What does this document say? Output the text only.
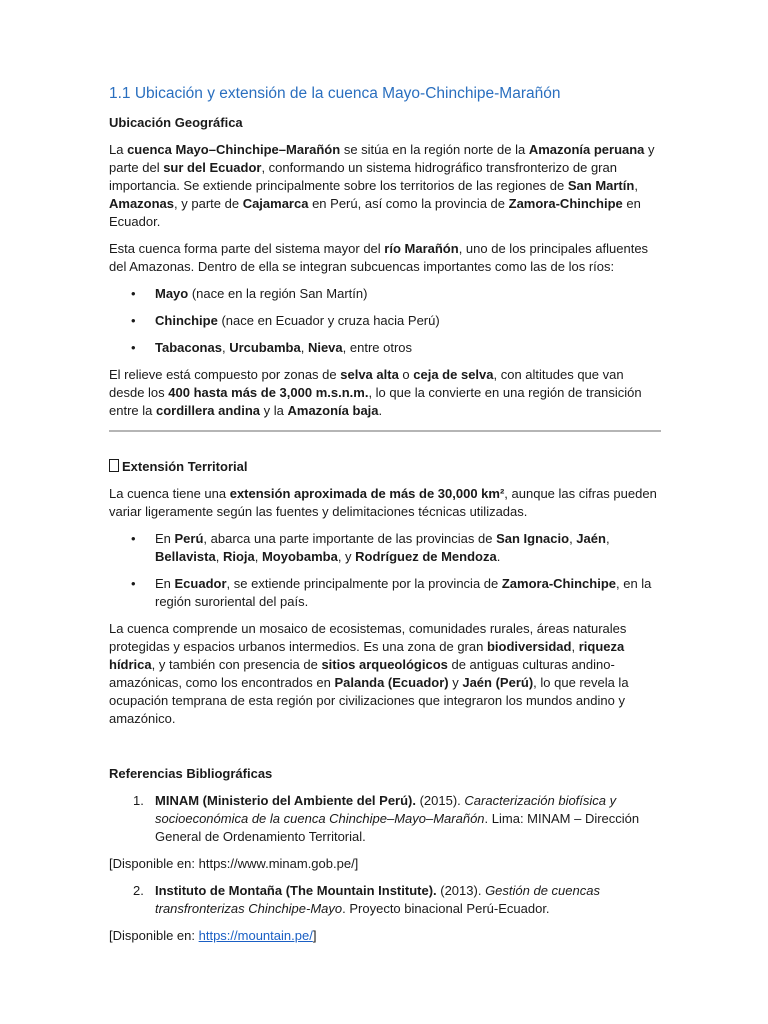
1.1 Ubicación y extensión de la cuenca Mayo-Chinchipe-Marañón
Ubicación Geográfica

La cuenca Mayo–Chinchipe–Marañón se sitúa en la región norte de la Amazonía peruana y parte del sur del Ecuador, conformando un sistema hidrográfico transfronterizo de gran importancia. Se extiende principalmente sobre los territorios de las regiones de San Martín, Amazonas, y parte de Cajamarca en Perú, así como la provincia de Zamora-Chinchipe en Ecuador.

Esta cuenca forma parte del sistema mayor del río Marañón, uno de los principales afluentes del Amazonas. Dentro de ella se integran subcuencas importantes como las de los ríos:

• Mayo (nace en la región San Martín)
• Chinchipe (nace en Ecuador y cruza hacia Perú)
• Tabaconas, Urcubamba, Nieva, entre otros

El relieve está compuesto por zonas de selva alta o ceja de selva, con altitudes que van desde los 400 hasta más de 3,000 m.s.n.m., lo que la convierte en una región de transición entre la cordillera andina y la Amazonía baja.

Extensión Territorial

La cuenca tiene una extensión aproximada de más de 30,000 km², aunque las cifras pueden variar ligeramente según las fuentes y delimitaciones técnicas utilizadas.

• En Perú, abarca una parte importante de las provincias de San Ignacio, Jaén, Bellavista, Rioja, Moyobamba, y Rodríguez de Mendoza.
• En Ecuador, se extiende principalmente por la provincia de Zamora-Chinchipe, en la región suroriental del país.

La cuenca comprende un mosaico de ecosistemas, comunidades rurales, áreas naturales protegidas y espacios urbanos intermedios. Es una zona de gran biodiversidad, riqueza hídrica, y también con presencia de sitios arqueológicos de antiguas culturas andino-amazónicas, como los encontrados en Palanda (Ecuador) y Jaén (Perú), lo que revela la ocupación temprana de esta región por civilizaciones que integraron los mundos andino y amazónico.

Referencias Bibliográficas
1. MINAM (Ministerio del Ambiente del Perú). (2015). Caracterización biofísica y socioeconómica de la cuenca Chinchipe–Mayo–Marañón. Lima: MINAM – Dirección General de Ordenamiento Territorial.

[Disponible en: https://www.minam.gob.pe/]

2. Instituto de Montaña (The Mountain Institute). (2013). Gestión de cuencas transfronterizas Chinchipe-Mayo. Proyecto binacional Perú-Ecuador.

[Disponible en: https://mountain.pe/]
